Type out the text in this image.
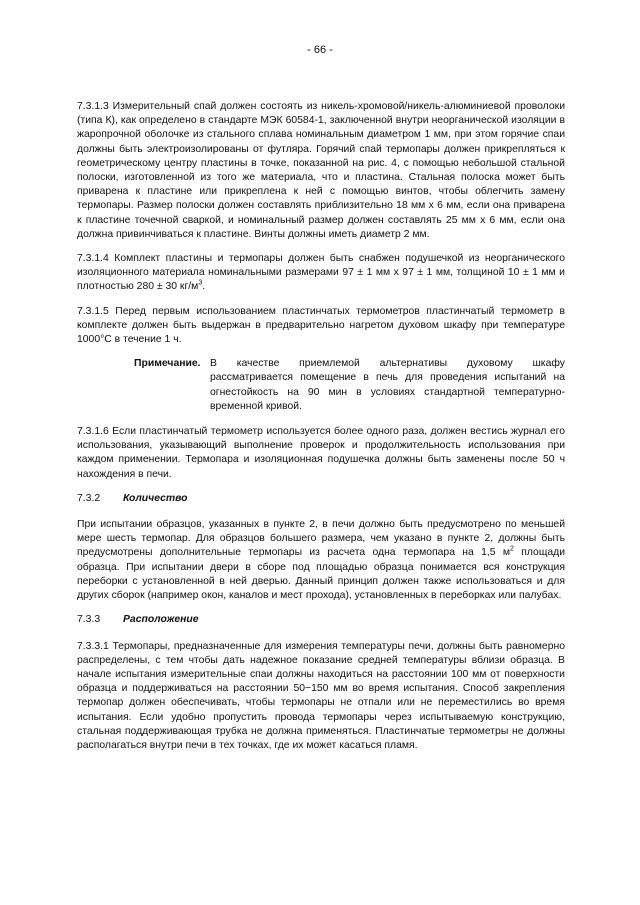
- 66 -

7.3.1.3 Измерительный спай должен состоять из никель-хромовой/никель-алюминиевой проволоки (типа К), как определено в стандарте МЭК 60584-1, заключенной внутри неорганической изоляции в жаропрочной оболочке из стального сплава номинальным диаметром 1 мм, при этом горячие спаи должны быть электроизолированы от футляра. Горячий спай термопары должен прикрепляться к геометрическому центру пластины в точке, показанной на рис. 4, с помощью небольшой стальной полоски, изготовленной из того же материала, что и пластина. Стальная полоска может быть приварена к пластине или прикреплена к ней с помощью винтов, чтобы облегчить замену термопары. Размер полоски должен составлять приблизительно 18 мм х 6 мм, если она приварена к пластине точечной сваркой, и номинальный размер должен составлять 25 мм х 6 мм, если она должна привинчиваться к пластине. Винты должны иметь диаметр 2 мм.

7.3.1.4 Комплект пластины и термопары должен быть снабжен подушечкой из неорганического изоляционного материала номинальными размерами 97 ± 1 мм х 97 ± 1 мм, толщиной 10 ± 1 мм и плотностью 280 ± 30 $кг/м^3$.

7.3.1.5 Перед первым использованием пластинчатых термометров пластинчатый термометр в комплекте должен быть выдержан в предварительно нагретом духовом шкафу при температуре 1000°C в течение 1 ч.

Примечание. В качестве приемлемой альтернативы духовому шкафу рассматривается помещение в печь для проведения испытаний на огнестойкость на 90 мин в условиях стандартной температурно-временной кривой.

7.3.1.6 Если пластинчатый термометр используется более одного раза, должен вестись журнал его использования, указывающий выполнение проверок и продолжительность использования при каждом применении. Термопара и изоляционная подушечка должны быть заменены после 50 ч нахождения в печи.

7.3.2	Количество

При испытании образцов, указанных в пункте 2, в печи должно быть предусмотрено по меньшей мере шесть термопар. Для образцов большего размера, чем указано в пункте 2, должны быть предусмотрены дополнительные термопары из расчета одна термопара на 1,5 $м^2$ площади образца. При испытании двери в сборе под площадью образца понимается вся конструкция переборки с установленной в ней дверью. Данный принцип должен также использоваться и для других сборок (например окон, каналов и мест прохода), установленных в переборках или палубах.

7.3.3	Расположение

7.3.3.1 Термопары, предназначенные для измерения температуры печи, должны быть равномерно распределены, с тем чтобы дать надежное показание средней температуры вблизи образца. В начале испытания измерительные спаи должны находиться на расстоянии 100 мм от поверхности образца и поддерживаться на расстоянии 50−150 мм во время испытания. Способ закрепления термопар должен обеспечивать, чтобы термопары не отпали или не переместились во время испытания. Если удобно пропустить провода термопары через испытываемую конструкцию, стальная поддерживающая трубка не должна применяться. Пластинчатые термометры не должны располагаться внутри печи в тех точках, где их может касаться пламя.
